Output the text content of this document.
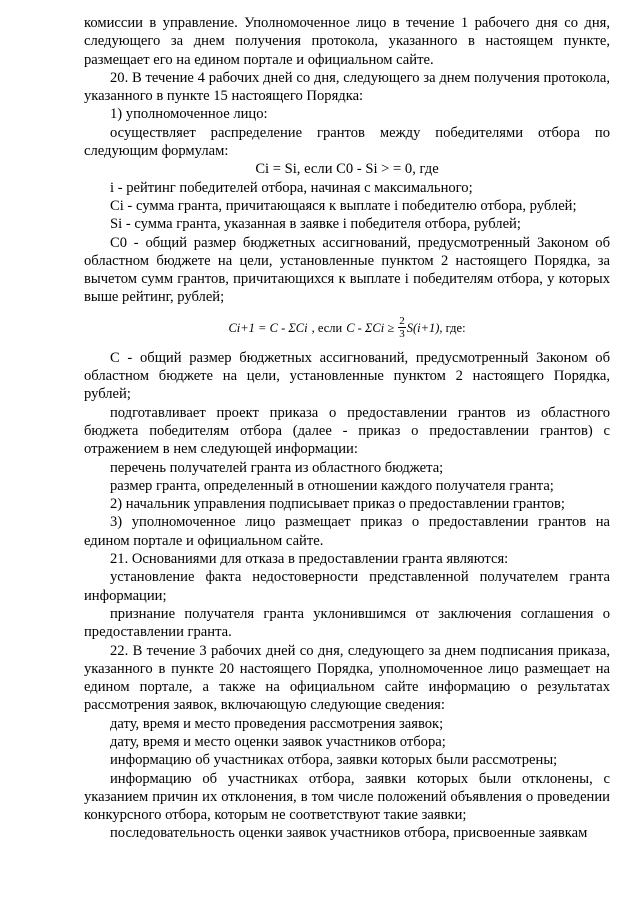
комиссии в управление. Уполномоченное лицо в течение 1 рабочего дня со дня, следующего за днем получения протокола, указанного в настоящем пункте, размещает его на едином портале и официальном сайте.

20. В течение 4 рабочих дней со дня, следующего за днем получения протокола, указанного в пункте 15 настоящего Порядка:

1) уполномоченное лицо:

осуществляет распределение грантов между победителями отбора по следующим формулам:

Ci = Si, если C0 - Si > = 0, где

i - рейтинг победителей отбора, начиная с максимального;

Ci - сумма гранта, причитающаяся к выплате i победителю отбора, рублей;

Si - сумма гранта, указанная в заявке i победителя отбора, рублей;

C0 - общий размер бюджетных ассигнований, предусмотренный Законом об областном бюджете на цели, установленные пунктом 2 настоящего Порядка, за вычетом сумм грантов, причитающихся к выплате i победителям отбора, у которых выше рейтинг, рублей;

Ci+1 = C - ΣCi , если $C - \Sigma Ci \ge \frac{2}{3} S(i+1)$ , где:

C - общий размер бюджетных ассигнований, предусмотренный Законом об областном бюджете на цели, установленные пунктом 2 настоящего Порядка, рублей;

подготавливает проект приказа о предоставлении грантов из областного бюджета победителям отбора (далее - приказ о предоставлении грантов) с отражением в нем следующей информации:

перечень получателей гранта из областного бюджета;

размер гранта, определенный в отношении каждого получателя гранта;

2) начальник управления подписывает приказ о предоставлении грантов;

3) уполномоченное лицо размещает приказ о предоставлении грантов на едином портале и официальном сайте.

21. Основаниями для отказа в предоставлении гранта являются:

установление факта недостоверности представленной получателем гранта информации;

признание получателя гранта уклонившимся от заключения соглашения о предоставлении гранта.

22. В течение 3 рабочих дней со дня, следующего за днем подписания приказа, указанного в пункте 20 настоящего Порядка, уполномоченное лицо размещает на едином портале, а также на официальном сайте информацию о результатах рассмотрения заявок, включающую следующие сведения:

дату, время и место проведения рассмотрения заявок;

дату, время и место оценки заявок участников отбора;

информацию об участниках отбора, заявки которых были рассмотрены;

информацию об участниках отбора, заявки которых были отклонены, с указанием причин их отклонения, в том числе положений объявления о проведении конкурсного отбора, которым не соответствуют такие заявки;

последовательность оценки заявок участников отбора, присвоенные заявкам
